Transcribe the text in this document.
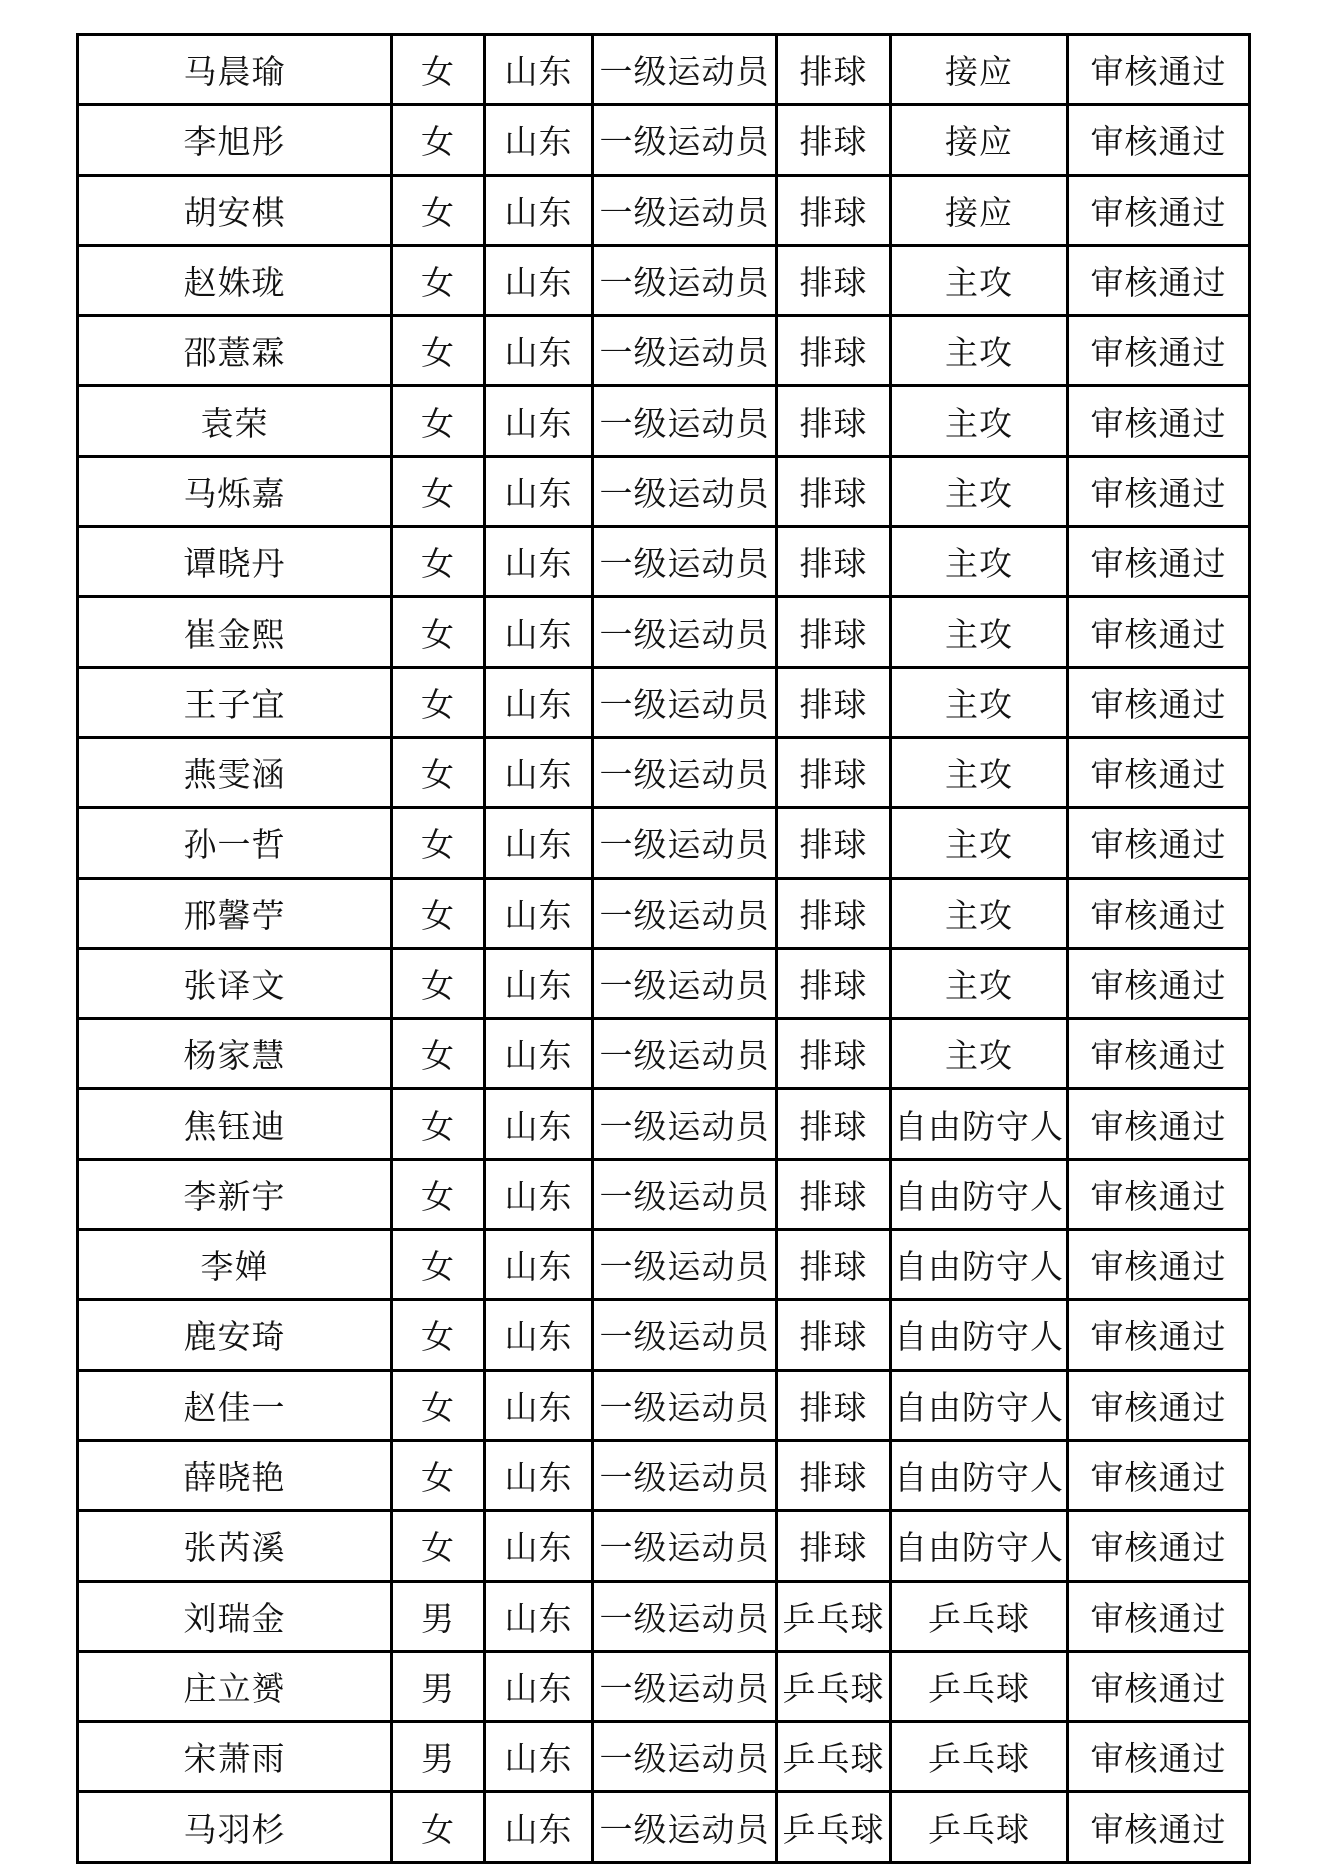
马晨瑜	女	山东	一级运动员	排球	接应	审核通过
李旭彤	女	山东	一级运动员	排球	接应	审核通过
胡安棋	女	山东	一级运动员	排球	接应	审核通过
赵姝珑	女	山东	一级运动员	排球	主攻	审核通过
邵薏霖	女	山东	一级运动员	排球	主攻	审核通过
袁荣	女	山东	一级运动员	排球	主攻	审核通过
马烁嘉	女	山东	一级运动员	排球	主攻	审核通过
谭晓丹	女	山东	一级运动员	排球	主攻	审核通过
崔金熙	女	山东	一级运动员	排球	主攻	审核通过
王子宜	女	山东	一级运动员	排球	主攻	审核通过
燕雯涵	女	山东	一级运动员	排球	主攻	审核通过
孙一哲	女	山东	一级运动员	排球	主攻	审核通过
邢馨苧	女	山东	一级运动员	排球	主攻	审核通过
张译文	女	山东	一级运动员	排球	主攻	审核通过
杨家慧	女	山东	一级运动员	排球	主攻	审核通过
焦钰迪	女	山东	一级运动员	排球	自由防守人	审核通过
李新宇	女	山东	一级运动员	排球	自由防守人	审核通过
李婵	女	山东	一级运动员	排球	自由防守人	审核通过
鹿安琦	女	山东	一级运动员	排球	自由防守人	审核通过
赵佳一	女	山东	一级运动员	排球	自由防守人	审核通过
薛晓艳	女	山东	一级运动员	排球	自由防守人	审核通过
张芮溪	女	山东	一级运动员	排球	自由防守人	审核通过
刘瑞金	男	山东	一级运动员	乒乓球	乒乓球	审核通过
庄立赟	男	山东	一级运动员	乒乓球	乒乓球	审核通过
宋萧雨	男	山东	一级运动员	乒乓球	乒乓球	审核通过
马羽杉	女	山东	一级运动员	乒乓球	乒乓球	审核通过
